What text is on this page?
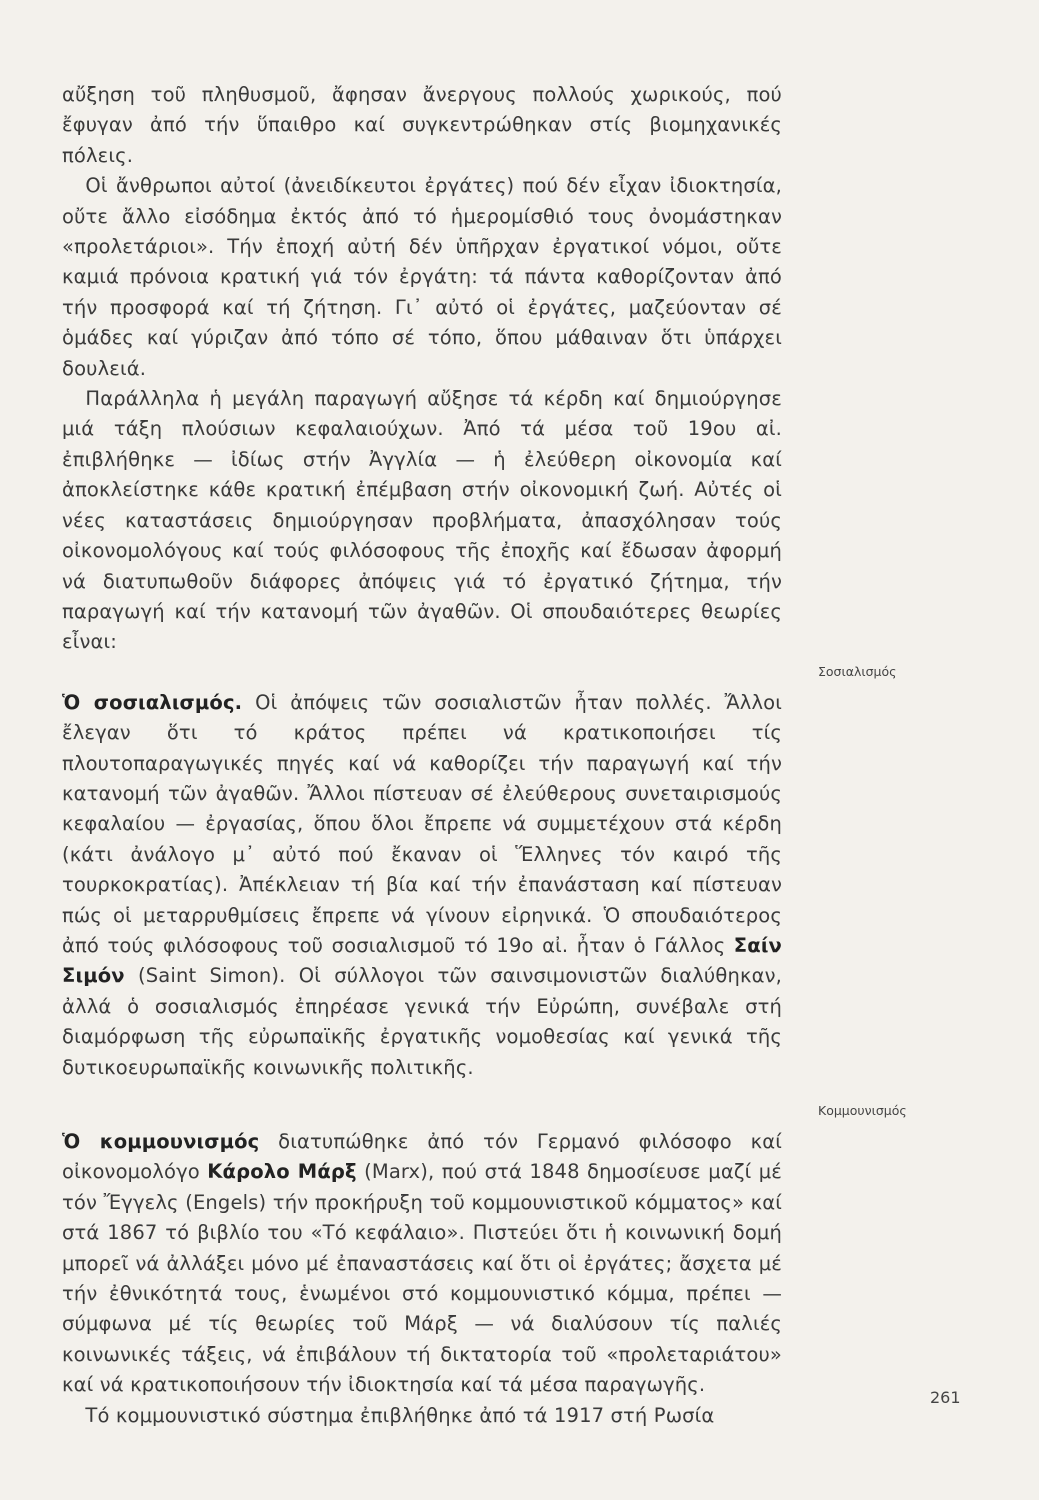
αὔξηση τοῦ πληθυσμοῦ, ἄφησαν ἄνεργους πολλούς χωρικούς, πού ἔφυγαν ἀπό τήν ὕπαιθρο καί συγκεντρώθηκαν στίς βιομηχανικές πόλεις.

Οἱ ἄνθρωποι αὐτοί (ἀνειδίκευτοι ἐργάτες) πού δέν εἶχαν ἰδιοκτησία, οὔτε ἄλλο εἰσόδημα ἐκτός ἀπό τό ἡμερομίσθιό τους ὀνομάστηκαν «προλετάριοι». Τήν ἐποχή αὐτή δέν ὑπῆρχαν ἐργατικοί νόμοι, οὔτε καμιά πρόνοια κρατική γιά τόν ἐργάτη: τά πάντα καθορίζονταν ἀπό τήν προσφορά καί τή ζήτηση. Γι᾿ αὐτό οἱ ἐργάτες, μαζεύονταν σέ ὁμάδες καί γύριζαν ἀπό τόπο σέ τόπο, ὅπου μάθαιναν ὅτι ὑπάρχει δουλειά.

Παράλληλα ἡ μεγάλη παραγωγή αὔξησε τά κέρδη καί δημιούργησε μιά τάξη πλούσιων κεφαλαιούχων. Ἀπό τά μέσα τοῦ 19ου αἰ. ἐπιβλήθηκε — ἰδίως στήν Ἀγγλία — ἡ ἐλεύθερη οἰκονομία καί ἀποκλείστηκε κάθε κρατική ἐπέμβαση στήν οἰκονομική ζωή. Αὐτές οἱ νέες καταστάσεις δημιούργησαν προβλήματα, ἀπασχόλησαν τούς οἰκονομολόγους καί τούς φιλόσοφους τῆς ἐποχῆς καί ἔδωσαν ἀφορμή νά διατυπωθοῦν διάφορες ἀπόψεις γιά τό ἐργατικό ζήτημα, τήν παραγωγή καί τήν κατανομή τῶν ἀγαθῶν. Οἱ σπουδαιότερες θεωρίες εἶναι:

Ὁ σοσιαλισμός. Οἱ ἀπόψεις τῶν σοσιαλιστῶν ἦταν πολλές. Ἄλλοι ἔλεγαν ὅτι τό κράτος πρέπει νά κρατικοποιήσει τίς πλουτοπαραγωγικές πηγές καί νά καθορίζει τήν παραγωγή καί τήν κατανομή τῶν ἀγαθῶν. Ἄλλοι πίστευαν σέ ἐλεύθερους συνεταιρισμούς κεφαλαίου — ἐργασίας, ὅπου ὅλοι ἔπρεπε νά συμμετέχουν στά κέρδη (κάτι ἀνάλογο μ᾿ αὐτό πού ἔκαναν οἱ Ἕλληνες τόν καιρό τῆς τουρκοκρατίας). Ἀπέκλειαν τή βία καί τήν ἐπανάσταση καί πίστευαν πώς οἱ μεταρρυθμίσεις ἔπρεπε νά γίνουν εἰρηνικά. Ὁ σπουδαιότερος ἀπό τούς φιλόσοφους τοῦ σοσιαλισμοῦ τό 19ο αἰ. ἦταν ὁ Γάλλος Σαίν Σιμόν (Saint Simon). Οἱ σύλλογοι τῶν σαινσιμονιστῶν διαλύθηκαν, ἀλλά ὁ σοσιαλισμός ἐπηρέασε γενικά τήν Εὐρώπη, συνέβαλε στή διαμόρφωση τῆς εὐρωπαϊκῆς ἐργατικῆς νομοθεσίας καί γενικά τῆς δυτικοευρωπαϊκῆς κοινωνικῆς πολιτικῆς.

Ὁ κομμουνισμός διατυπώθηκε ἀπό τόν Γερμανό φιλόσοφο καί οἰκονομολόγο Κάρολο Μάρξ (Marx), πού στά 1848 δημοσίευσε μαζί μέ τόν Ἔγγελς (Engels) τήν προκήρυξη τοῦ κομμουνιστικοῦ κόμματος» καί στά 1867 τό βιβλίο του «Τό κεφάλαιο». Πιστεύει ὅτι ἡ κοινωνική δομή μπορεῖ νά ἀλλάξει μόνο μέ ἐπαναστάσεις καί ὅτι οἱ ἐργάτες; ἄσχετα μέ τήν ἐθνικότητά τους, ἑνωμένοι στό κομμουνιστικό κόμμα, πρέπει — σύμφωνα μέ τίς θεωρίες τοῦ Μάρξ — νά διαλύσουν τίς παλιές κοινωνικές τάξεις, νά ἐπιβάλουν τή δικτατορία τοῦ «προλεταριάτου» καί νά κρατικοποιήσουν τήν ἰδιοκτησία καί τά μέσα παραγωγῆς.

Τό κομμουνιστικό σύστημα ἐπιβλήθηκε ἀπό τά 1917 στή Ρωσία

Σοσιαλισμός
Κομμουνισμός
261
